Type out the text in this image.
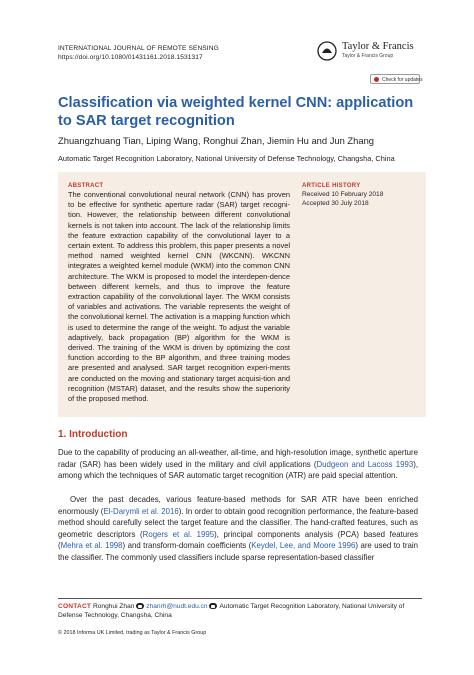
INTERNATIONAL JOURNAL OF REMOTE SENSING
https://doi.org/10.1080/01431161.2018.1531317
Taylor & Francis
Taylor & Francis Group
Check for updates
Classification via weighted kernel CNN: application to SAR target recognition
Zhuangzhuang Tian, Liping Wang, Ronghui Zhan, Jiemin Hu and Jun Zhang
Automatic Target Recognition Laboratory, National University of Defense Technology, Changsha, China
ABSTRACT
The conventional convolutional neural network (CNN) has proven to be effective for synthetic aperture radar (SAR) target recogni-tion. However, the relationship between different convolutional kernels is not taken into account. The lack of the relationship limits the feature extraction capability of the convolutional layer to a certain extent. To address this problem, this paper presents a novel method named weighted kernel CNN (WKCNN). WKCNN integrates a weighted kernel module (WKM) into the common CNN architecture. The WKM is proposed to model the interdepen-dence between different kernels, and thus to improve the feature extraction capability of the convolutional layer. The WKM consists of variables and activations. The variable represents the weight of the convolutional kernel. The activation is a mapping function which is used to determine the range of the weight. To adjust the variable adaptively, back propagation (BP) algorithm for the WKM is derived. The training of the WKM is driven by optimizing the cost function according to the BP algorithm, and three training modes are presented and analysed. SAR target recognition experi-ments are conducted on the moving and stationary target acquisi-tion and recognition (MSTAR) dataset, and the results show the superiority of the proposed method.
ARTICLE HISTORY
Received 10 February 2018
Accepted 30 July 2018
1. Introduction

Due to the capability of producing an all-weather, all-time, and high-resolution image, synthetic aperture radar (SAR) has been widely used in the military and civil applications (Dudgeon and Lacoss 1993), among which the techniques of SAR automatic target recognition (ATR) are paid special attention.

Over the past decades, various feature-based methods for SAR ATR have been enriched enormously (El-Darymli et al. 2016). In order to obtain good recognition performance, the feature-based method should carefully select the target feature and the classifier. The hand-crafted features, such as geometric descriptors (Rogers et al. 1995), principal components analysis (PCA) based features (Mehra et al. 1998) and transform-domain coefficients (Keydel, Lee, and Moore 1996) are used to train the classifier. The commonly used classifiers include sparse representation-based classifier

CONTACT Ronghui Zhan zhanrh@nudt.edu.cn Automatic Target Recognition Laboratory, National University of Defense Technology, Changsha, China
© 2018 Informa UK Limited, trading as Taylor & Francis Group
